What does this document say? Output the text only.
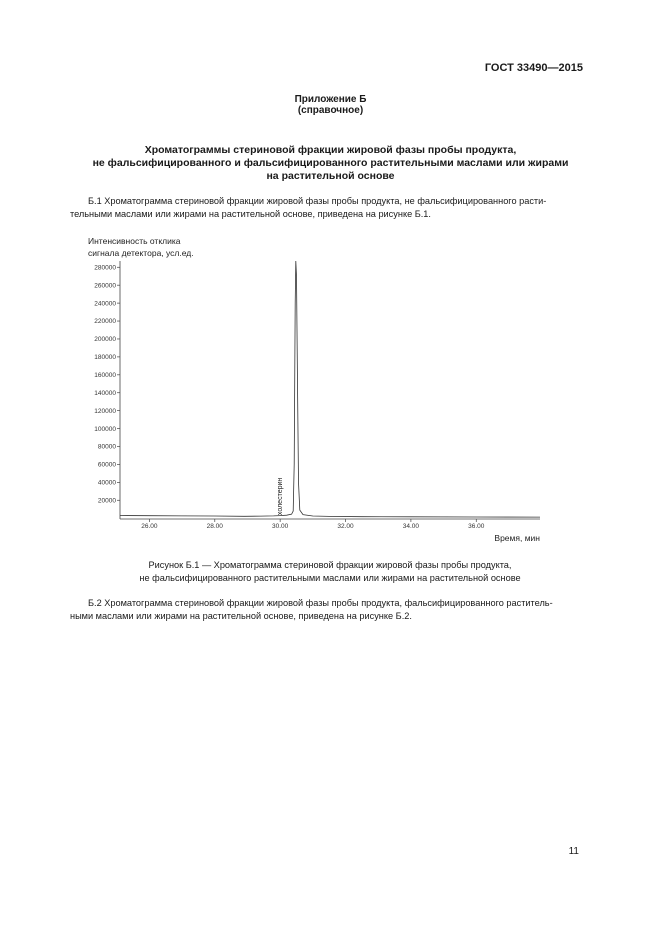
ГОСТ 33490—2015
Приложение Б
(справочное)
Хроматограммы стериновой фракции жировой фазы пробы продукта,
не фальсифицированного и фальсифицированного растительными маслами или жирами
на растительной основе
Б.1 Хроматограмма стериновой фракции жировой фазы пробы продукта, не фальсифицированного расти-
тельными маслами или жирами на растительной основе, приведена на рисунке Б.1.
Интенсивность отклика
сигнала детектора, усл.ед.
20000
40000
60000
80000
100000
120000
140000
160000
180000
200000
220000
240000
260000
280000
26.00	28.00	30.00	32.00	34.00	36.00
холестерин
Время, мин
Рисунок Б.1 — Хроматограмма стериновой фракции жировой фазы пробы продукта,
не фальсифицированного растительными маслами или жирами на растительной основе
Б.2 Хроматограмма стериновой фракции жировой фазы пробы продукта, фальсифицированного раститель-
ными маслами или жирами на растительной основе, приведена на рисунке Б.2.
11
